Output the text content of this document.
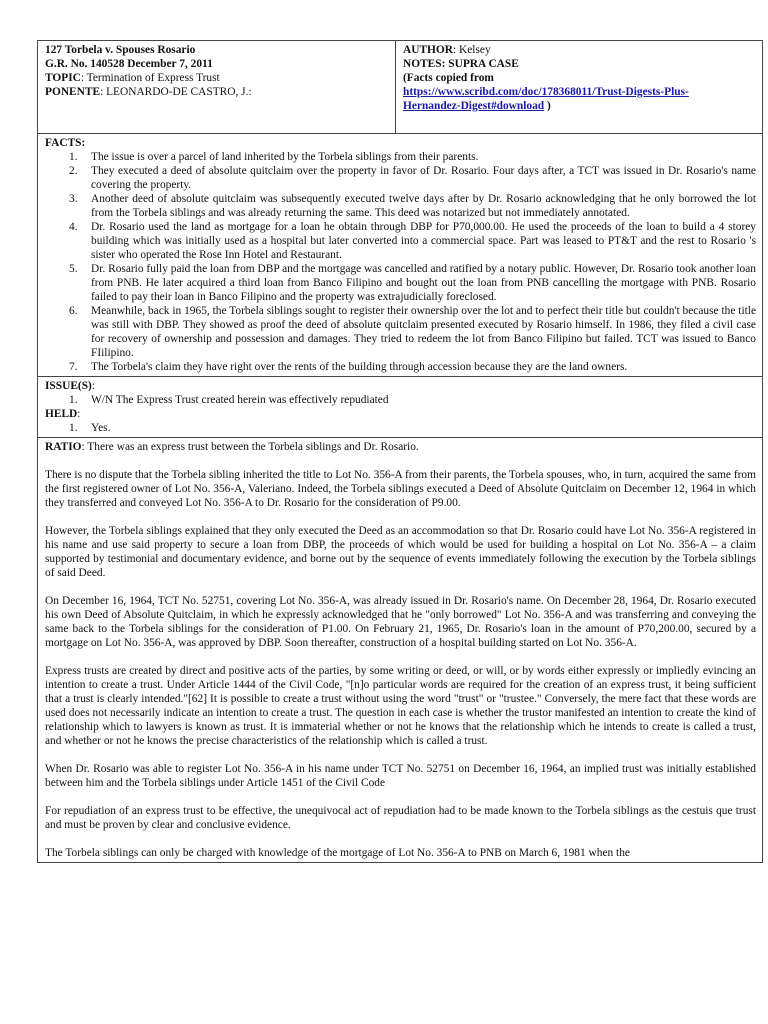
127 Torbela v. Spouses Rosario
G.R. No. 140528 December 7, 2011
TOPIC: Termination of Express Trust
PONENTE: LEONARDO-DE CASTRO, J.:

AUTHOR: Kelsey
NOTES: SUPRA CASE
(Facts copied from
https://www.scribd.com/doc/178368011/Trust-Digests-Plus-
Hernandez-Digest#download )

FACTS:
1. The issue is over a parcel of land inherited by the Torbela siblings from their parents.
2. They executed a deed of absolute quitclaim over the property in favor of Dr. Rosario. Four days after, a TCT was issued in Dr. Rosario's name covering the property.
3. Another deed of absolute quitclaim was subsequently executed twelve days after by Dr. Rosario acknowledging that he only borrowed the lot from the Torbela siblings and was already returning the same. This deed was notarized but not immediately annotated.
4. Dr. Rosario used the land as mortgage for a loan he obtain through DBP for P70,000.00. He used the proceeds of the loan to build a 4 storey building which was initially used as a hospital but later converted into a commercial space. Part was leased to PT&T and the rest to Rosario 's sister who operated the Rose Inn Hotel and Restaurant.
5. Dr. Rosario fully paid the loan from DBP and the mortgage was cancelled and ratified by a notary public. However, Dr. Rosario took another loan from PNB. He later acquired a third loan from Banco Filipino and bought out the loan from PNB cancelling the mortgage with PNB. Rosario failed to pay their loan in Banco Filipino and the property was extrajudicially foreclosed.
6. Meanwhile, back in 1965, the Torbela siblings sought to register their ownership over the lot and to perfect their title but couldn't because the title was still with DBP. They showed as proof the deed of absolute quitclaim presented executed by Rosario himself. In 1986, they filed a civil case for recovery of ownership and possession and damages. They tried to redeem the lot from Banco Filipino but failed. TCT was issued to Banco FIilipino.
7. The Torbela's claim they have right over the rents of the building through accession because they are the land owners.

ISSUE(S):
1. W/N The Express Trust created herein was effectively repudiated
HELD:
1. Yes.

RATIO: There was an express trust between the Torbela siblings and Dr. Rosario.

There is no dispute that the Torbela sibling inherited the title to Lot No. 356-A from their parents, the Torbela spouses, who, in turn, acquired the same from the first registered owner of Lot No. 356-A, Valeriano. Indeed, the Torbela siblings executed a Deed of Absolute Quitclaim on December 12, 1964 in which they transferred and conveyed Lot No. 356-A to Dr. Rosario for the consideration of P9.00.

However, the Torbela siblings explained that they only executed the Deed as an accommodation so that Dr. Rosario could have Lot No. 356-A registered in his name and use said property to secure a loan from DBP, the proceeds of which would be used for building a hospital on Lot No. 356-A – a claim supported by testimonial and documentary evidence, and borne out by the sequence of events immediately following the execution by the Torbela siblings of said Deed.

On December 16, 1964, TCT No. 52751, covering Lot No. 356-A, was already issued in Dr. Rosario's name. On December 28, 1964, Dr. Rosario executed his own Deed of Absolute Quitclaim, in which he expressly acknowledged that he "only borrowed" Lot No. 356-A and was transferring and conveying the same back to the Torbela siblings for the consideration of P1.00. On February 21, 1965, Dr. Rosario's loan in the amount of P70,200.00, secured by a mortgage on Lot No. 356-A, was approved by DBP. Soon thereafter, construction of a hospital building started on Lot No. 356-A.

Express trusts are created by direct and positive acts of the parties, by some writing or deed, or will, or by words either expressly or impliedly evincing an intention to create a trust. Under Article 1444 of the Civil Code, "[n]o particular words are required for the creation of an express trust, it being sufficient that a trust is clearly intended."[62] It is possible to create a trust without using the word "trust" or "trustee." Conversely, the mere fact that these words are used does not necessarily indicate an intention to create a trust. The question in each case is whether the trustor manifested an intention to create the kind of relationship which to lawyers is known as trust. It is immaterial whether or not he knows that the relationship which he intends to create is called a trust, and whether or not he knows the precise characteristics of the relationship which is called a trust.

When Dr. Rosario was able to register Lot No. 356-A in his name under TCT No. 52751 on December 16, 1964, an implied trust was initially established between him and the Torbela siblings under Article 1451 of the Civil Code

For repudiation of an express trust to be effective, the unequivocal act of repudiation had to be made known to the Torbela siblings as the cestuis que trust and must be proven by clear and conclusive evidence.

The Torbela siblings can only be charged with knowledge of the mortgage of Lot No. 356-A to PNB on March 6, 1981 when the
